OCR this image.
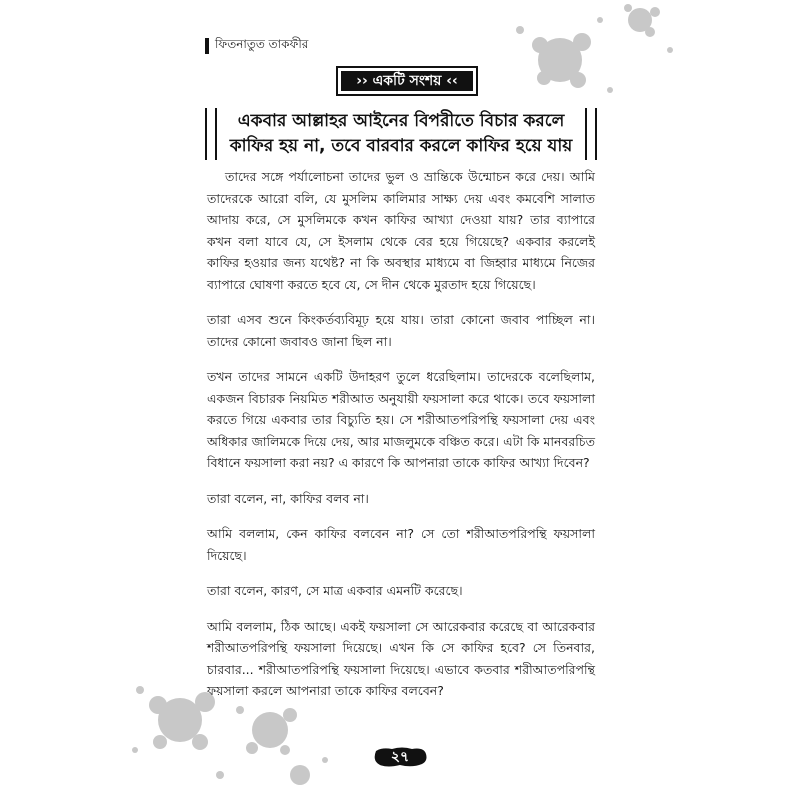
ফিতনাতুত তাকফীর
›› একটি সংশয় ‹‹
একবার আল্লাহর আইনের বিপরীতে বিচার করলে কাফির হয় না, তবে বারবার করলে কাফির হয়ে যায়

তাদের সঙ্গে পর্যালোচনা তাদের ভুল ও ভ্রান্তিকে উন্মোচন করে দেয়। আমি তাদেরকে আরো বলি, যে মুসলিম কালিমার সাক্ষ্য দেয় এবং কমবেশি সালাত আদায় করে, সে মুসলিমকে কখন কাফির আখ্যা দেওয়া যায়? তার ব্যাপারে কখন বলা যাবে যে, সে ইসলাম থেকে বের হয়ে গিয়েছে? একবার করলেই কাফির হওয়ার জন্য যথেষ্ট? না কি অবস্থার মাধ্যমে বা জিহ্বার মাধ্যমে নিজের ব্যাপারে ঘোষণা করতে হবে যে, সে দীন থেকে মুরতাদ হয়ে গিয়েছে।

তারা এসব শুনে কিংকর্তব্যবিমূঢ় হয়ে যায়। তারা কোনো জবাব পাচ্ছিল না। তাদের কোনো জবাবও জানা ছিল না।

তখন তাদের সামনে একটি উদাহরণ তুলে ধরেছিলাম। তাদেরকে বলেছিলাম, একজন বিচারক নিয়মিত শরীআত অনুযায়ী ফয়সালা করে থাকে। তবে ফয়সালা করতে গিয়ে একবার তার বিচ্যুতি হয়। সে শরীআতপরিপন্থি ফয়সালা দেয় এবং অধিকার জালিমকে দিয়ে দেয়, আর মাজলুমকে বঞ্চিত করে। এটা কি মানবরচিত বিধানে ফয়সালা করা নয়? এ কারণে কি আপনারা তাকে কাফির আখ্যা দিবেন?

তারা বলেন, না, কাফির বলব না।

আমি বললাম, কেন কাফির বলবেন না? সে তো শরীআতপরিপন্থি ফয়সালা দিয়েছে।

তারা বলেন, কারণ, সে মাত্র একবার এমনটি করেছে।

আমি বললাম, ঠিক আছে। একই ফয়সালা সে আরেকবার করেছে বা আরেকবার শরীআতপরিপন্থি ফয়সালা দিয়েছে। এখন কি সে কাফির হবে? সে তিনবার, চারবার... শরীআতপরিপন্থি ফয়সালা দিয়েছে। এভাবে কতবার শরীআতপরিপন্থি ফয়সালা করলে আপনারা তাকে কাফির বলবেন?

২৭
